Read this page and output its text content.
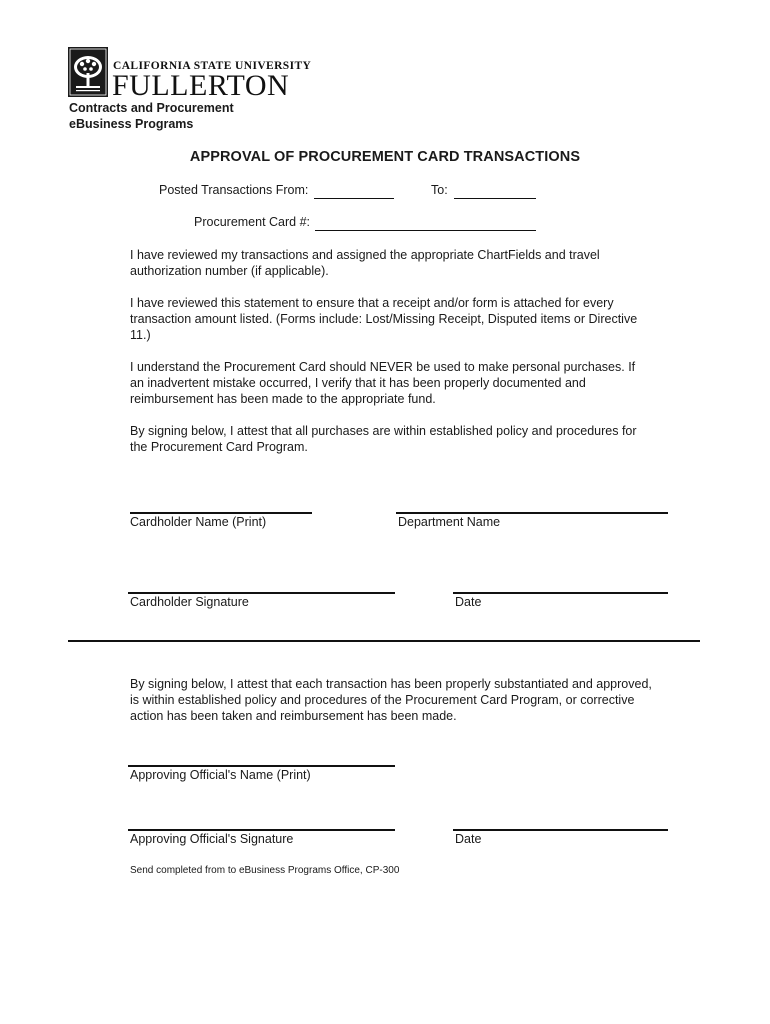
CALIFORNIA STATE UNIVERSITY
FULLERTON
Contracts and Procurement
eBusiness Programs
APPROVAL OF PROCUREMENT CARD TRANSACTIONS
Posted Transactions From:	To:
Procurement Card #:

I have reviewed my transactions and assigned the appropriate ChartFields and travel authorization number (if applicable).

I have reviewed this statement to ensure that a receipt and/or form is attached for every transaction amount listed. (Forms include: Lost/Missing Receipt, Disputed items or Directive 11.)

I understand the Procurement Card should NEVER be used to make personal purchases. If an inadvertent mistake occurred, I verify that it has been properly documented and reimbursement has been made to the appropriate fund.

By signing below, I attest that all purchases are within established policy and procedures for the Procurement Card Program.

Cardholder Name (Print)	Department Name
Cardholder Signature	Date

By signing below, I attest that each transaction has been properly substantiated and approved, is within established policy and procedures of the Procurement Card Program, or corrective action has been taken and reimbursement has been made.

Approving Official's Name (Print)
Approving Official's Signature	Date
Send completed from to eBusiness Programs Office, CP-300
